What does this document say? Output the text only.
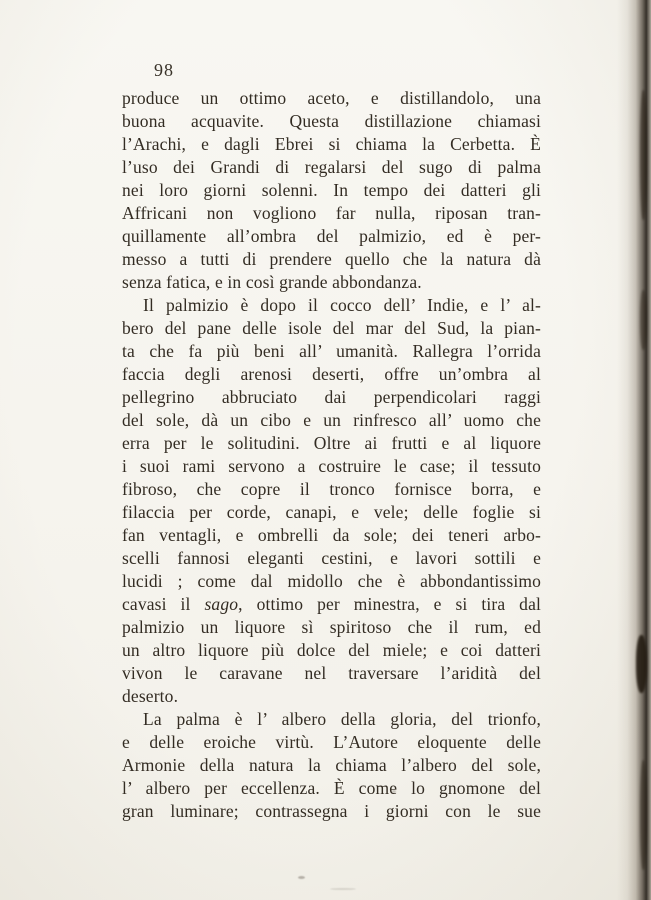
98
produce un ottimo aceto, e distillandolo, una
buona acquavite. Questa distillazione chiamasi
l’Arachi, e dagli Ebrei si chiama la Cerbetta. È
l’uso dei Grandi di regalarsi del sugo di palma
nei loro giorni solenni. In tempo dei datteri gli
Affricani non vogliono far nulla, riposan tran-
quillamente all’ombra del palmizio, ed è per-
messo a tutti di prendere quello che la natura dà
senza fatica, e in così grande abbondanza.
Il palmizio è dopo il cocco dell’ Indie, e l’ al-
bero del pane delle isole del mar del Sud, la pian-
ta che fa più beni all’ umanità. Rallegra l’orrida
faccia degli arenosi deserti, offre un’ombra al
pellegrino abbruciato dai perpendicolari raggi
del sole, dà un cibo e un rinfresco all’ uomo che
erra per le solitudini. Oltre ai frutti e al liquore
i suoi rami servono a costruire le case; il tessuto
fibroso, che copre il tronco fornisce borra, e
filaccia per corde, canapi, e vele; delle foglie si
fan ventagli, e ombrelli da sole; dei teneri arbo-
scelli fannosi eleganti cestini, e lavori sottili e
lucidi ; come dal midollo che è abbondantissimo
cavasi il sago, ottimo per minestra, e si tira dal
palmizio un liquore sì spiritoso che il rum, ed
un altro liquore più dolce del miele; e coi datteri
vivon le caravane nel traversare l’aridità del
deserto.
La palma è l’ albero della gloria, del trionfo,
e delle eroiche virtù. L’Autore eloquente delle
Armonie della natura la chiama l’albero del sole,
l’ albero per eccellenza. È come lo gnomone del
gran luminare; contrassegna i giorni con le sue
